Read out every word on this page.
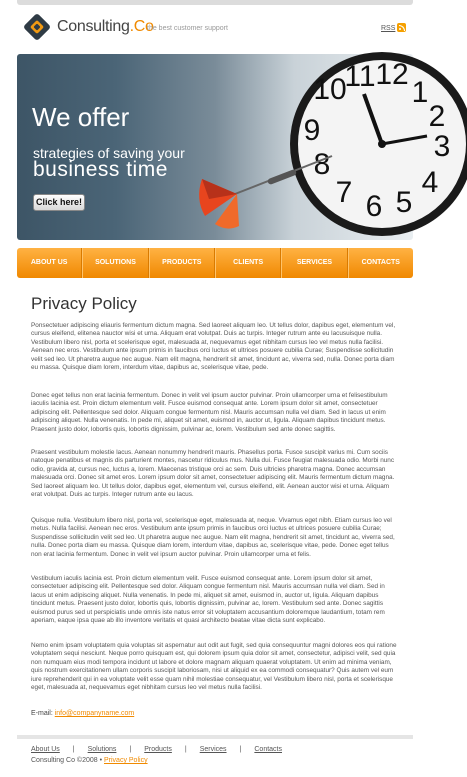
Consulting.Co
the best customer support	RSS
We offer
strategies of saving your
business time
Click here!
10
11 12
1
2
3
4
5
6
7
8
9
ABOUT US	SOLUTIONS	PRODUCTS	CLIENTS	SERVICES	CONTACTS
Privacy Policy

Ponsectetuer adipiscing eliauris fermentum dictum magna. Sed laoreet aliquam leo. Ut tellus dolor, dapibus eget, elementum vel, cursus eleifend, elitenea nauctor wisi et urna. Aliquam erat volutpat. Duis ac turpis. Integer rutrum ante eu lacusuisque nulla. Vestibulum libero nisl, porta et scelerisque eget, malesuada at, nequevamus eget nibhitam cursus leo vel metus nulla facilisi. Aenean nec eros. Vestibulum ante ipsum primis in faucibus orci luctus et ultrices posuere cubilia Curae; Suspendisse sollicitudin velit sed leo. Ut pharetra augue nec augue. Nam elit magna, hendrerit sit amet, tincidunt ac, viverra sed, nulla. Donec porta diam eu massa. Quisque diam lorem, interdum vitae, dapibus ac, scelerisque vitae, pede.

Donec eget tellus non erat lacinia fermentum. Donec in velit vel ipsum auctor pulvinar. Proin ullamcorper urna et felisestibulum iaculis lacinia est. Proin dictum elementum velit. Fusce euismod consequat ante. Lorem ipsum dolor sit amet, consectetuer adipiscing elit. Pellentesque sed dolor. Aliquam congue fermentum nisl. Mauris accumsan nulla vel diam. Sed in lacus ut enim adipiscing aliquet. Nulla venenatis. In pede mi, aliquet sit amet, euismod in, auctor ut, ligula. Aliquam dapibus tincidunt metus. Praesent justo dolor, lobortis quis, lobortis dignissim, pulvinar ac, lorem. Vestibulum sed ante donec sagittis.

Praesent vestibulum molestie lacus. Aenean nonummy hendrerit mauris. Phasellus porta. Fusce suscipit varius mi. Cum sociis natoque penatibus et magnis dis parturient montes, nascetur ridiculus mus. Nulla dui. Fusce feugiat malesuada odio. Morbi nunc odio, gravida at, cursus nec, luctus a, lorem. Maecenas tristique orci ac sem. Duis ultricies pharetra magna. Donec accumsan malesuada orci. Donec sit amet eros. Lorem ipsum dolor sit amet, consectetuer adipiscing elit. Mauris fermentum dictum magna. Sed laoreet aliquam leo. Ut tellus dolor, dapibus eget, elementum vel, cursus eleifend, elit. Aenean auctor wisi et urna. Aliquam erat volutpat. Duis ac turpis. Integer rutrum ante eu lacus.

Quisque nulla. Vestibulum libero nisl, porta vel, scelerisque eget, malesuada at, neque. Vivamus eget nibh. Etiam cursus leo vel metus. Nulla facilisi. Aenean nec eros. Vestibulum ante ipsum primis in faucibus orci luctus et ultrices posuere cubilia Curae; Suspendisse sollicitudin velit sed leo. Ut pharetra augue nec augue. Nam elit magna, hendrerit sit amet, tincidunt ac, viverra sed, nulla. Donec porta diam eu massa. Quisque diam lorem, interdum vitae, dapibus ac, scelerisque vitae, pede. Donec eget tellus non erat lacinia fermentum. Donec in velit vel ipsum auctor pulvinar. Proin ullamcorper urna et felis.

Vestibulum iaculis lacinia est. Proin dictum elementum velit. Fusce euismod consequat ante. Lorem ipsum dolor sit amet, consectetuer adipiscing elit. Pellentesque sed dolor. Aliquam congue fermentum nisl. Mauris accumsan nulla vel diam. Sed in lacus ut enim adipiscing aliquet. Nulla venenatis. In pede mi, aliquet sit amet, euismod in, auctor ut, ligula. Aliquam dapibus tincidunt metus. Praesent justo dolor, lobortis quis, lobortis dignissim, pulvinar ac, lorem. Vestibulum sed ante. Donec sagittis euismod purus sed ut perspiciatis unde omnis iste natus error sit voluptatem accusantium doloremque laudantium, totam rem aperiam, eaque ipsa quae ab illo inventore veritatis et quasi architecto beatae vitae dicta sunt explicabo.

Nemo enim ipsam voluptatem quia voluptas sit aspernatur aut odit aut fugit, sed quia consequuntur magni dolores eos qui ratione voluptatem sequi nesciunt. Neque porro quisquam est, qui dolorem ipsum quia dolor sit amet, consectetur, adipisci velit, sed quia non numquam eius modi tempora incidunt ut labore et dolore magnam aliquam quaerat voluptatem. Ut enim ad minima veniam, quis nostrum exercitationem ullam corporis suscipit laboriosam, nisi ut aliquid ex ea commodi consequatur? Quis autem vel eum iure reprehenderit qui in ea voluptate velit esse quam nihil molestiae consequatur, vel Vestibulum libero nisl, porta et scelerisque eget, malesuada at, nequevamus eget nibhitam cursus leo vel metus nulla facilisi.

E-mail: info@companyname.com
About Us | Solutions | Products | Services | Contacts
Consulting Co ©2008 • Privacy Policy
